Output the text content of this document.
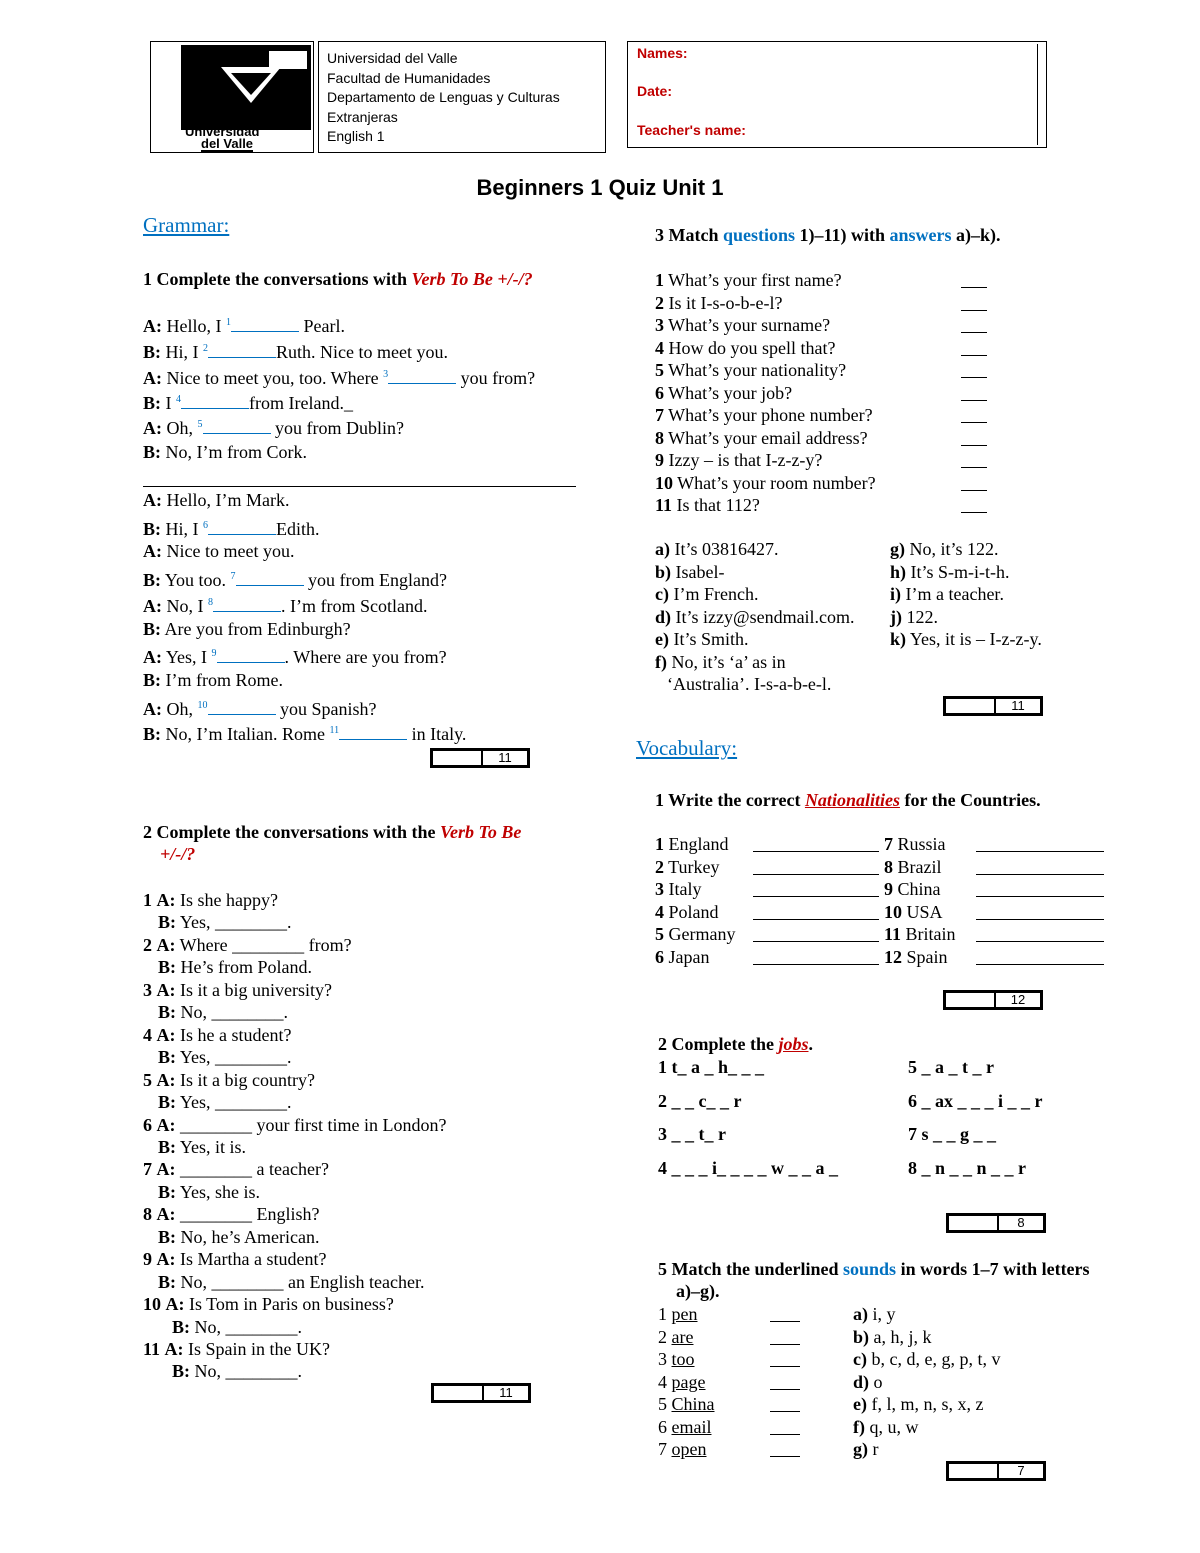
Universidad
del Valle
Universidad del Valle
Facultad de Humanidades
Departamento de Lenguas y Culturas
Extranjeras
English 1
Names:
Date:
Teacher's name:
Beginners 1 Quiz Unit 1
Grammar:
1 Complete the conversations with Verb To Be +/-/?
A: Hello, I $^1$	Pearl.
B: Hi, I $^2$	Ruth. Nice to meet you.
A: Nice to meet you, too. Where $^3$	you from?
B: I $^4$	from Ireland._
A: Oh, $^5$	you from Dublin?
B: No, I’m from Cork.
A: Hello, I’m Mark.
B: Hi, I $^6$	Edith.
A: Nice to meet you.
B: You too. $^7$	you from England?
A: No, I $^8$	. I’m from Scotland.
B: Are you from Edinburgh?
A: Yes, I $^9$	. Where are you from?
B: I’m from Rome.
A: Oh, $^{10}$	you Spanish?
B: No, I’m Italian. Rome $^{11}$	in Italy.
11
2 Complete the conversations with the Verb To Be
+/-/?
1 A: Is she happy?
B: Yes, ________.
2 A: Where ________ from?
B: He’s from Poland.
3 A: Is it a big university?
B: No, ________.
4 A: Is he a student?
B: Yes, ________.
5 A: Is it a big country?
B: Yes, ________.
6 A: ________ your first time in London?
B: Yes, it is.
7 A: ________ a teacher?
B: Yes, she is.
8 A: ________ English?
B: No, he’s American.
9 A: Is Martha a student?
B: No, ________ an English teacher.
10 A: Is Tom in Paris on business?
B: No, ________.
11 A: Is Spain in the UK?
B: No, ________.
11
3 Match questions 1)–11) with answers a)–k).
1 What’s your first name?
2 Is it I-s-o-b-e-l?
3 What’s your surname?
4 How do you spell that?
5 What’s your nationality?
6 What’s your job?
7 What’s your phone number?
8 What’s your email address?
9 Izzy – is that I-z-z-y?
10 What’s your room number?
11 Is that 112?
a) It’s 03816427.
b) Isabel-
c) I’m French.
d) It’s izzy@sendmail.com.
e) It’s Smith.
f) No, it’s ‘a’ as in
‘Australia’. I-s-a-b-e-l.
g) No, it’s 122.
h) It’s S-m-i-t-h.
i) I’m a teacher.
j) 122.
k) Yes, it is – I-z-z-y.
11
Vocabulary:
1 Write the correct Nationalities for the Countries.
1 England
2 Turkey
3 Italy
4 Poland
5 Germany
6 Japan
7 Russia
8 Brazil
9 China
10 USA
11 Britain
12 Spain
12
2 Complete the jobs.
1 t_ a _ h_ _ _
2 _ _ c_ _ r
3 _ _ t_ r
4 _ _ _ i_ _ _ _ w _ _ a _
5 _ a _ t _ r
6 _ ax _ _ _ i _ _ r
7 s _ _ g _ _
8 _ n _ _ n _ _ r
8
5 Match the underlined sounds in words 1–7 with letters
a)–g).
1 pen
2 are
3 too
4 page
5 China
6 email
7 open
a) i, y
b) a, h, j, k
c) b, c, d, e, g, p, t, v
d) o
e) f, l, m, n, s, x, z
f) q, u, w
g) r
7
